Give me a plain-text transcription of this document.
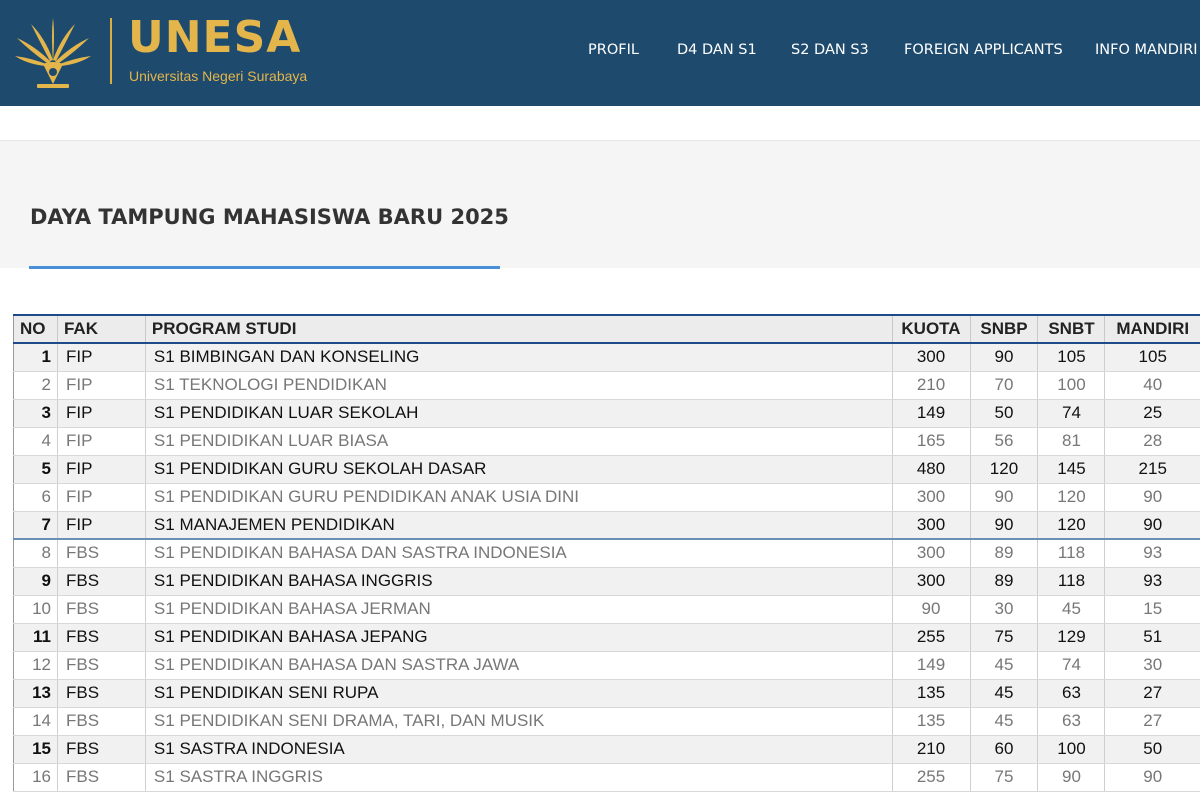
UNESA
Universitas Negeri Surabaya
PROFIL	D4 DAN S1 S2 DAN S3 FOREIGN APPLICANTS INFO MANDIRI
DAYA TAMPUNG MAHASISWA BARU 2025
NO	FAK	PROGRAM STUDI	KUOTA	SNBP	SNBT	MANDIRI
1	FIP	S1 BIMBINGAN DAN KONSELING	300	90	105	105
2	FIP	S1 TEKNOLOGI PENDIDIKAN	210	70	100	40
3	FIP	S1 PENDIDIKAN LUAR SEKOLAH	149	50	74	25
4	FIP	S1 PENDIDIKAN LUAR BIASA	165	56	81	28
5	FIP	S1 PENDIDIKAN GURU SEKOLAH DASAR	480	120	145	215
6	FIP	S1 PENDIDIKAN GURU PENDIDIKAN ANAK USIA DINI	300	90	120	90
7	FIP	S1 MANAJEMEN PENDIDIKAN	300	90	120	90
8	FBS	S1 PENDIDIKAN BAHASA DAN SASTRA INDONESIA	300	89	118	93
9	FBS	S1 PENDIDIKAN BAHASA INGGRIS	300	89	118	93
10	FBS	S1 PENDIDIKAN BAHASA JERMAN	90	30	45	15
11	FBS	S1 PENDIDIKAN BAHASA JEPANG	255	75	129	51
12	FBS	S1 PENDIDIKAN BAHASA DAN SASTRA JAWA	149	45	74	30
13	FBS	S1 PENDIDIKAN SENI RUPA	135	45	63	27
14	FBS	S1 PENDIDIKAN SENI DRAMA, TARI, DAN MUSIK	135	45	63	27
15	FBS	S1 SASTRA INDONESIA	210	60	100	50
16	FBS	S1 SASTRA INGGRIS	255	75	90	90
